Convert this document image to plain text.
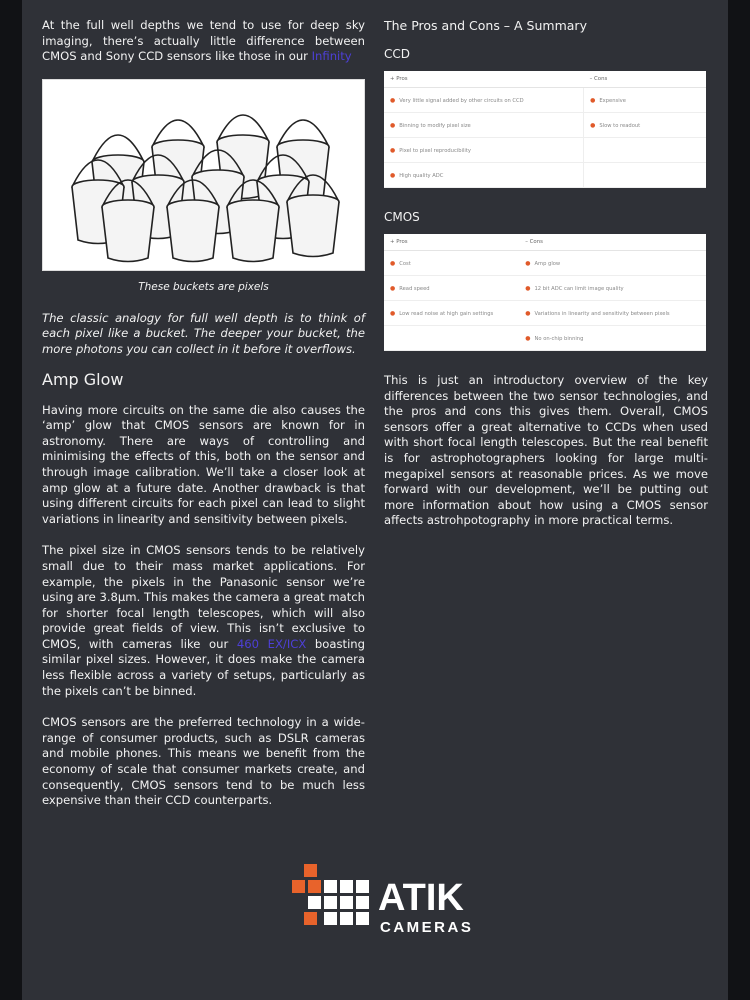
At the full well depths we tend to use for deep sky imaging, there’s actually little difference between CMOS and Sony CCD sensors like those in our Infinity

These buckets are pixels

The classic analogy for full well depth is to think of each pixel like a bucket. The deeper your bucket, the more photons you can collect in it before it overflows.

Amp Glow

Having more circuits on the same die also causes the ‘amp’ glow that CMOS sensors are known for in astronomy. There are ways of controlling and minimising the effects of this, both on the sensor and through image calibration. We’ll take a closer look at amp glow at a future date. Another drawback is that using different circuits for each pixel can lead to slight variations in linearity and sensitivity between pixels.

The pixel size in CMOS sensors tends to be relatively small due to their mass market applications. For example, the pixels in the Panasonic sensor we’re using are 3.8µm. This makes the camera a great match for shorter focal length telescopes, which will also provide great fields of view. This isn’t exclusive to CMOS, with cameras like our 460 EX/ICX boasting similar pixel sizes. However, it does make the camera less flexible across a variety of setups, particularly as the pixels can’t be binned.

CMOS sensors are the preferred technology in a wide-range of consumer products, such as DSLR cameras and mobile phones. This means we benefit from the economy of scale that consumer markets create, and consequently, CMOS sensors tend to be much less expensive than their CCD counterparts.

The Pros and Cons – A Summary
CCD
+ Pros	– Cons
● Very little signal added by other circuits on CCD	● Expensive
● Binning to modify pixel size	● Slow to readout
● Pixel to pixel reproducibility	
● High quality ADC	
CMOS
+ Pros	– Cons
● Cost	● Amp glow
● Read speed	● 12 bit ADC can limit image quality
● Low read noise at high gain settings	● Variations in linearity and sensitivity between pixels
	● No on-chip binning

This is just an introductory overview of the key differences between the two sensor technologies, and the pros and cons this gives them. Overall, CMOS sensors offer a great alternative to CCDs when used with short focal length telescopes. But the real benefit is for astrophotographers looking for large multi-megapixel sensors at reasonable prices. As we move forward with our development, we’ll be putting out more information about how using a CMOS sensor affects astrohpotography in more practical terms.

ATIK
CAMERAS
